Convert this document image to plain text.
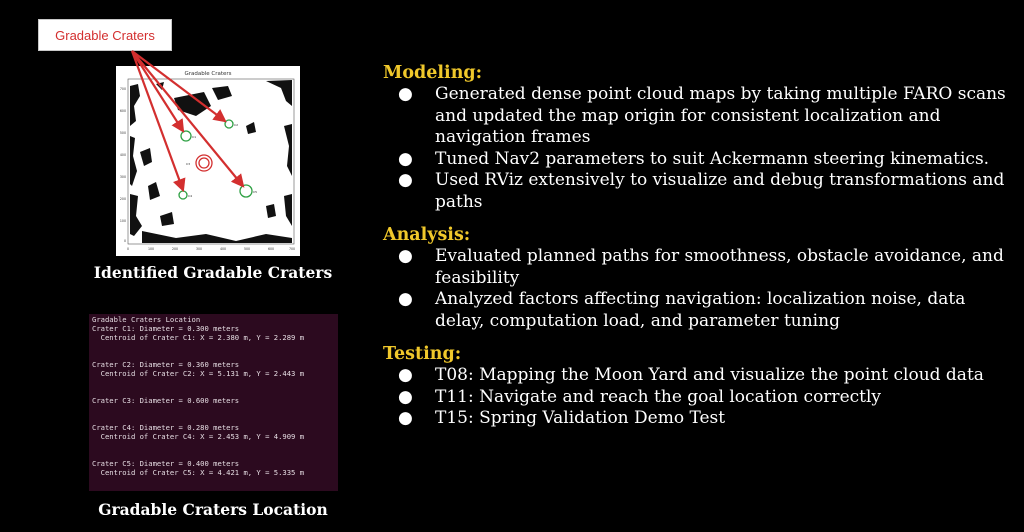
Gradable Craters
Gradable Craters
700
600
500
400
300
200
100
0
0	100	200	300	400	500	600	700
C1
C2
C3
C4
C5
Identified Gradable Craters
Gradable Craters Location
Crater C1: Diameter = 0.300 meters
Centroid of Crater C1: X = 2.380 m, Y = 2.289 m
Crater C2: Diameter = 0.360 meters
Centroid of Crater C2: X = 5.131 m, Y = 2.443 m
Crater C3: Diameter = 0.600 meters
Crater C4: Diameter = 0.280 meters
Centroid of Crater C4: X = 2.453 m, Y = 4.909 m
Crater C5: Diameter = 0.400 meters
Centroid of Crater C5: X = 4.421 m, Y = 5.335 m
Gradable Craters Location
Modeling:
● Generated dense point cloud maps by taking multiple FARO scans and updated the map origin for consistent localization and navigation frames
● Tuned Nav2 parameters to suit Ackermann steering kinematics.
● Used RViz extensively to visualize and debug transformations and paths
Analysis:
● Evaluated planned paths for smoothness, obstacle avoidance, and feasibility
● Analyzed factors affecting navigation: localization noise, data delay, computation load, and parameter tuning
Testing:
● T08: Mapping the Moon Yard and visualize the point cloud data
● T11: Navigate and reach the goal location correctly
● T15: Spring Validation Demo Test
